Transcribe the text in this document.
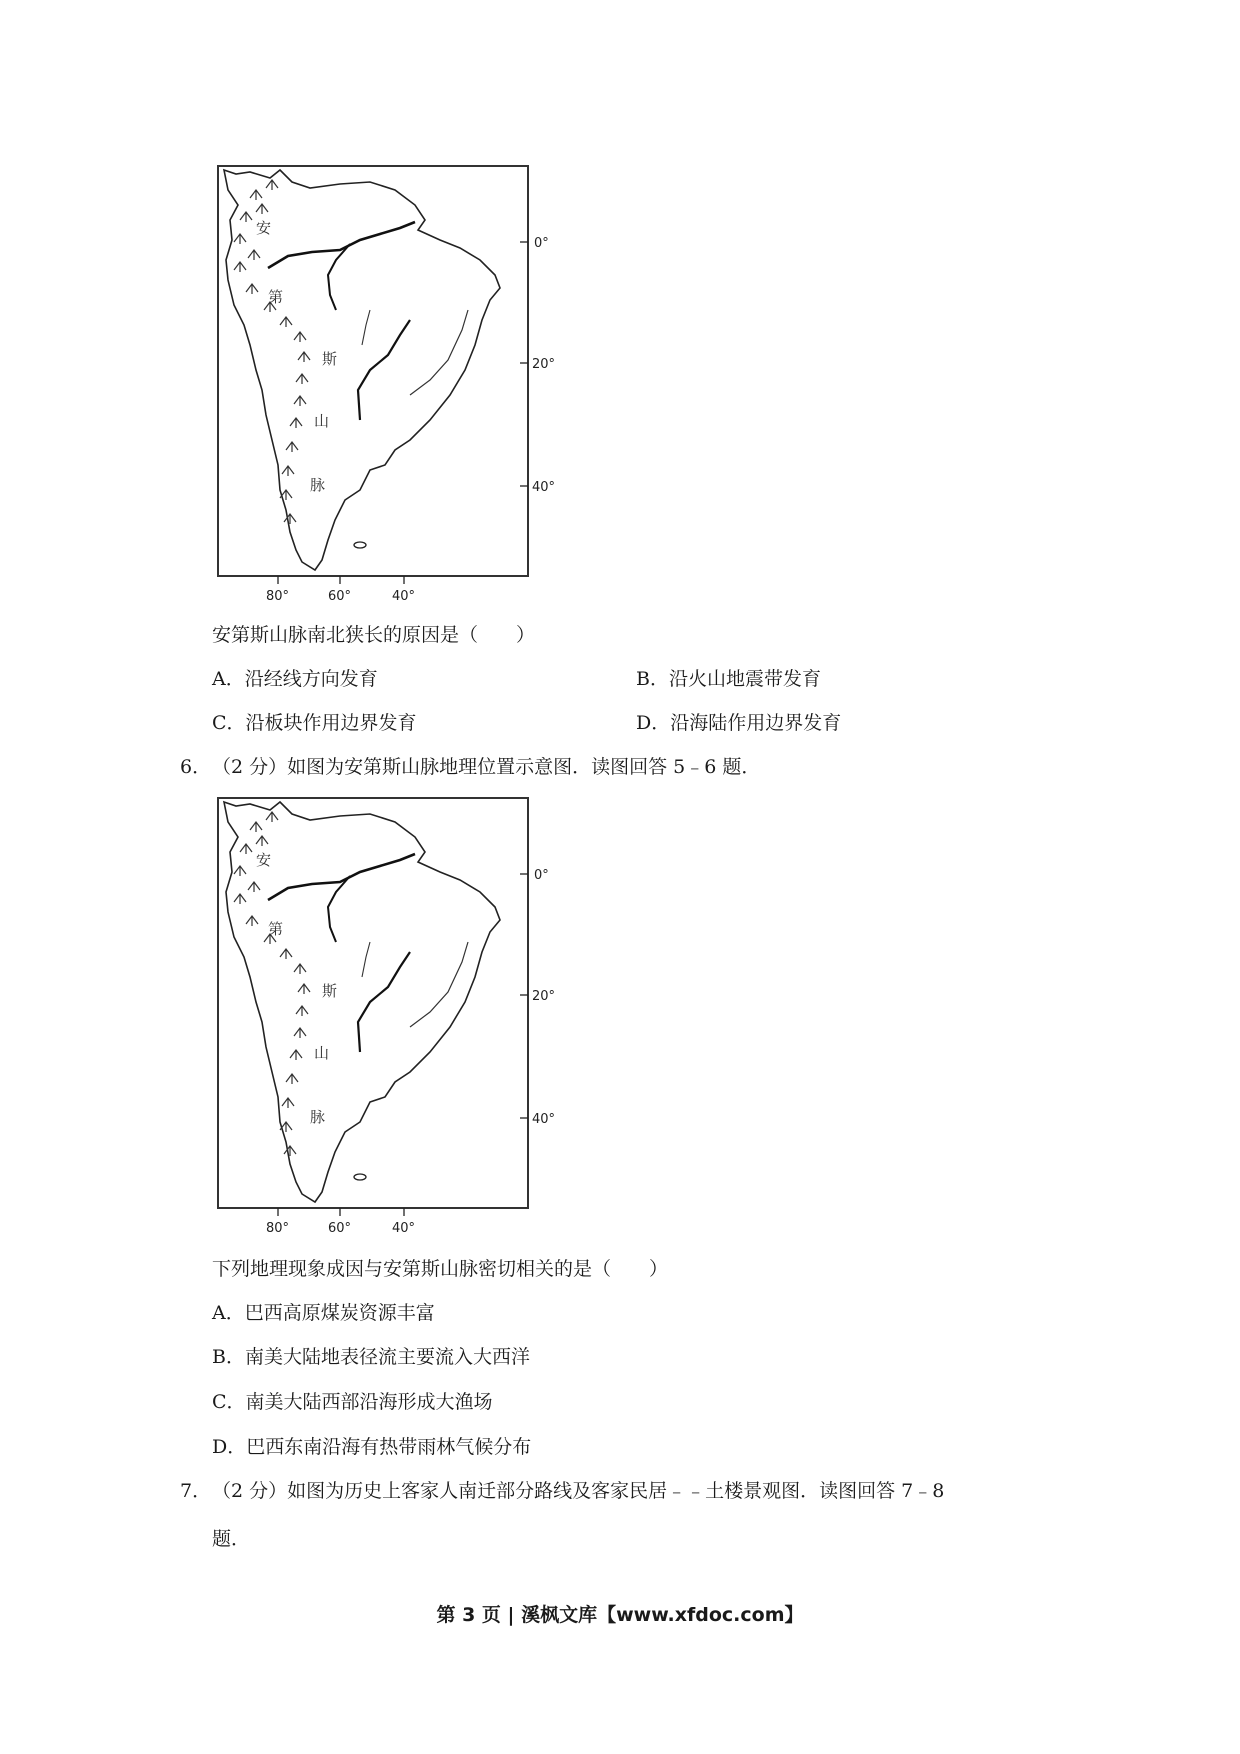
安
第
斯
山
脉
0°
20°
40°
80°	60°	40°
安第斯山脉南北狭长的原因是（　　）
A．沿经线方向发育	B．沿火山地震带发育
C．沿板块作用边界发育	D．沿海陆作用边界发育
6． （2 分）如图为安第斯山脉地理位置示意图．读图回答 5﹣6 题．
安
第
斯
山
脉
0°
20°
40°
80°	60°	40°
下列地理现象成因与安第斯山脉密切相关的是（　　）
A．巴西高原煤炭资源丰富
B．南美大陆地表径流主要流入大西洋
C．南美大陆西部沿海形成大渔场
D．巴西东南沿海有热带雨林气候分布
7． （2 分）如图为历史上客家人南迁部分路线及客家民居﹣﹣土楼景观图．读图回答 7﹣8
题．
第 3 页 | 溪枫文库【www.xfdoc.com】
